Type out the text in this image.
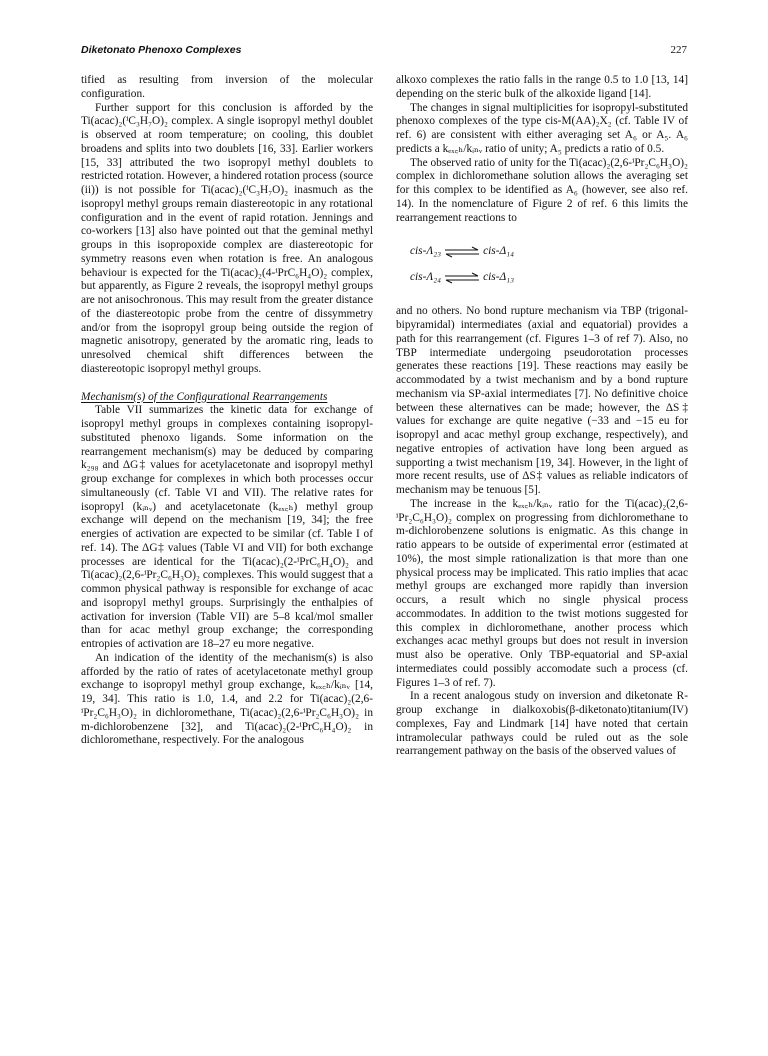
Diketonato Phenoxo Complexes	227

tified as resulting from inversion of the molecular configuration.

Further support for this conclusion is afforded by the Ti(acac)₂(ⁱC₃H₇O)₂ complex. A single isopropyl methyl doublet is observed at room temperature; on cooling, this doublet broadens and splits into two doublets [16, 33]. Earlier workers [15, 33] attributed the two isopropyl methyl doublets to restricted rotation. However, a hindered rotation process (source (ii)) is not possible for Ti(acac)₂(ⁱC₃H₇O)₂ inasmuch as the isopropyl methyl groups remain diastereotopic in any rotational configuration and in the event of rapid rotation. Jennings and co-workers [13] also have pointed out that the geminal methyl groups in this isopropoxide complex are diastereotopic for symmetry reasons even when rotation is free. An analogous behaviour is expected for the Ti(acac)₂(4-ⁱPrC₆H₄O)₂ complex, but apparently, as Figure 2 reveals, the isopropyl methyl groups are not anisochronous. This may result from the greater distance of the diastereotopic probe from the centre of dissymmetry and/or from the isopropyl group being outside the region of magnetic anisotropy, generated by the aromatic ring, leads to unresolved chemical shift differences between the diastereotopic isopropyl methyl groups.

Mechanism(s) of the Configurational Rearrangements

Table VII summarizes the kinetic data for exchange of isopropyl methyl groups in complexes containing isopropyl-substituted phenoxo ligands. Some information on the rearrangement mechanism(s) may be deduced by comparing k₂₉₈ and ΔG‡ values for acetylacetonate and isopropyl methyl group exchange for complexes in which both processes occur simultaneously (cf. Table VI and VII). The relative rates for isopropyl (kᵢₙᵥ) and acetylacetonate (kₑₓ꜀ₕ) methyl group exchange will depend on the mechanism [19, 34]; the free energies of activation are expected to be similar (cf. Table I of ref. 14). The ΔG‡ values (Table VI and VII) for both exchange processes are identical for the Ti(acac)₂(2-ⁱPrC₆H₄O)₂ and Ti(acac)₂(2,6-ⁱPr₂C₆H₃O)₂ complexes. This would suggest that a common physical pathway is responsible for exchange of acac and isopropyl methyl groups. Surprisingly the enthalpies of activation for inversion (Table VII) are 5–8 kcal/mol smaller than for acac methyl group exchange; the corresponding entropies of activation are 18–27 eu more negative.

An indication of the identity of the mechanism(s) is also afforded by the ratio of rates of acetylacetonate methyl group exchange to isopropyl methyl group exchange, kₑₓ꜀ₕ/kᵢₙᵥ [14, 19, 34]. This ratio is 1.0, 1.4, and 2.2 for Ti(acac)₂(2,6-ⁱPr₂C₆H₃O)₂ in dichloromethane, Ti(acac)₂(2,6-ⁱPr₂C₆H₃O)₂ in m-dichlorobenzene [32], and Ti(acac)₂(2-ⁱPrC₆H₄O)₂ in dichloromethane, respectively. For the analogous

alkoxo complexes the ratio falls in the range 0.5 to 1.0 [13, 14] depending on the steric bulk of the alkoxide ligand [14].

The changes in signal multiplicities for isopropyl-substituted phenoxo complexes of the type cis-M(AA)₂X₂ (cf. Table IV of ref. 6) are consistent with either averaging set A₆ or A₅. A₆ predicts a kₑₓ꜀ₕ/kᵢₙᵥ ratio of unity; A₅ predicts a ratio of 0.5.

The observed ratio of unity for the Ti(acac)₂(2,6-ⁱPr₂C₆H₃O)₂ complex in dichloromethane solution allows the averaging set for this complex to be identified as A₆ (however, see also ref. 14). In the nomenclature of Figure 2 of ref. 6 this limits the rearrangement reactions to

cis-Λ₂₃ ⇌ cis-Δ₁₄
cis-Λ₂₄ ⇌ cis-Δ₁₃

and no others. No bond rupture mechanism via TBP (trigonal-bipyramidal) intermediates (axial and equatorial) provides a path for this rearrangement (cf. Figures 1–3 of ref 7). Also, no TBP intermediate undergoing pseudorotation processes generates these reactions [19]. These reactions may easily be accommodated by a twist mechanism and by a bond rupture mechanism via SP-axial intermediates [7]. No definitive choice between these alternatives can be made; however, the ΔS‡ values for exchange are quite negative (−33 and −15 eu for isopropyl and acac methyl group exchange, respectively), and negative entropies of activation have long been argued as supporting a twist mechanism [19, 34]. However, in the light of more recent results, use of ΔS‡ values as reliable indicators of mechanism may be tenuous [5].

The increase in the kₑₓ꜀ₕ/kᵢₙᵥ ratio for the Ti(acac)₂(2,6-ⁱPr₂C₆H₃O)₂ complex on progressing from dichloromethane to m-dichlorobenzene solutions is enigmatic. As this change in ratio appears to be outside of experimental error (estimated at 10%), the most simple rationalization is that more than one physical process may be implicated. This ratio implies that acac methyl groups are exchanged more rapidly than inversion occurs, a result which no single physical process accommodates. In addition to the twist motions suggested for this complex in dichloromethane, another process which exchanges acac methyl groups but does not result in inversion must also be operative. Only TBP-equatorial and SP-axial intermediates could possibly accomodate such a process (cf. Figures 1–3 of ref. 7).

In a recent analogous study on inversion and diketonate R-group exchange in dialkoxobis(β-diketonato)titanium(IV) complexes, Fay and Lindmark [14] have noted that certain intramolecular pathways could be ruled out as the sole rearrangement pathway on the basis of the observed values of
